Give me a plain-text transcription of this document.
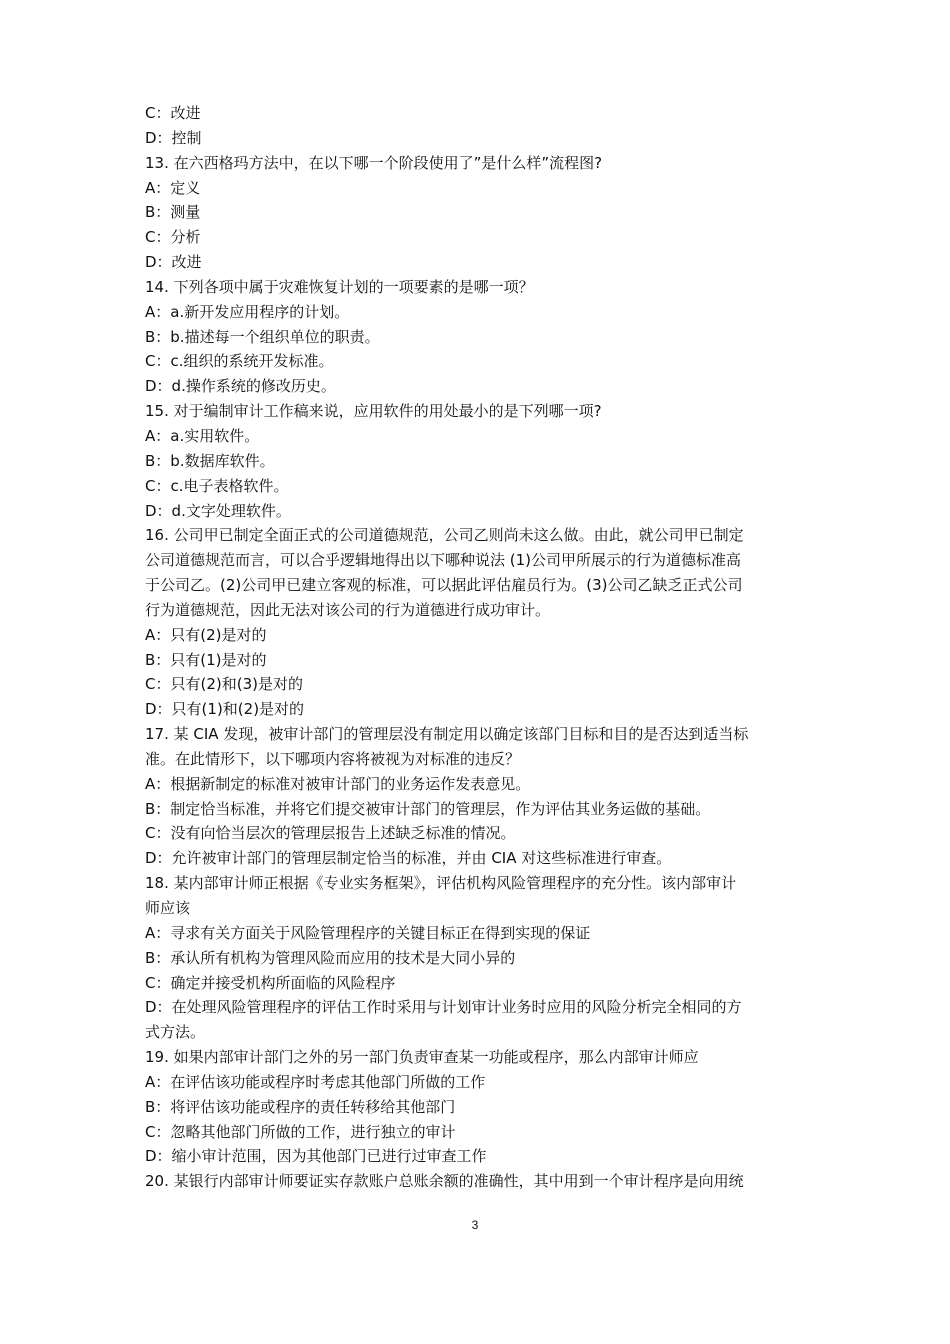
C：改进
D：控制
13. 在六西格玛方法中，在以下哪一个阶段使用了”是什么样”流程图?
A：定义
B：测量
C：分析
D：改进
14. 下列各项中属于灾难恢复计划的一项要素的是哪一项？
A：a.新开发应用程序的计划。
B：b.描述每一个组织单位的职责。
C：c.组织的系统开发标准。
D：d.操作系统的修改历史。
15. 对于编制审计工作稿来说，应用软件的用处最小的是下列哪一项?
A：a.实用软件。
B：b.数据库软件。
C：c.电子表格软件。
D：d.文字处理软件。
16. 公司甲已制定全面正式的公司道德规范，公司乙则尚未这么做。由此，就公司甲已制定
公司道德规范而言，可以合乎逻辑地得出以下哪种说法 (1)公司甲所展示的行为道德标准高
于公司乙。(2)公司甲已建立客观的标准，可以据此评估雇员行为。(3)公司乙缺乏正式公司
行为道德规范，因此无法对该公司的行为道德进行成功审计。
A：只有(2)是对的
B：只有(1)是对的
C：只有(2)和(3)是对的
D：只有(1)和(2)是对的
17. 某 CIA 发现，被审计部门的管理层没有制定用以确定该部门目标和目的是否达到适当标
准。在此情形下，以下哪项内容将被视为对标准的违反？
A：根据新制定的标准对被审计部门的业务运作发表意见。
B：制定恰当标准，并将它们提交被审计部门的管理层，作为评估其业务运做的基础。
C：没有向恰当层次的管理层报告上述缺乏标准的情况。
D：允许被审计部门的管理层制定恰当的标准，并由 CIA 对这些标准进行审查。
18. 某内部审计师正根据《专业实务框架》，评估机构风险管理程序的充分性。该内部审计
师应该
A：寻求有关方面关于风险管理程序的关键目标正在得到实现的保证
B：承认所有机构为管理风险而应用的技术是大同小异的
C：确定并接受机构所面临的风险程序
D：在处理风险管理程序的评估工作时采用与计划审计业务时应用的风险分析完全相同的方
式方法。
19. 如果内部审计部门之外的另一部门负责审查某一功能或程序，那么内部审计师应
A：在评估该功能或程序时考虑其他部门所做的工作
B：将评估该功能或程序的责任转移给其他部门
C：忽略其他部门所做的工作，进行独立的审计
D：缩小审计范围，因为其他部门已进行过审查工作
20. 某银行内部审计师要证实存款账户总账余额的准确性，其中用到一个审计程序是向用统
3
